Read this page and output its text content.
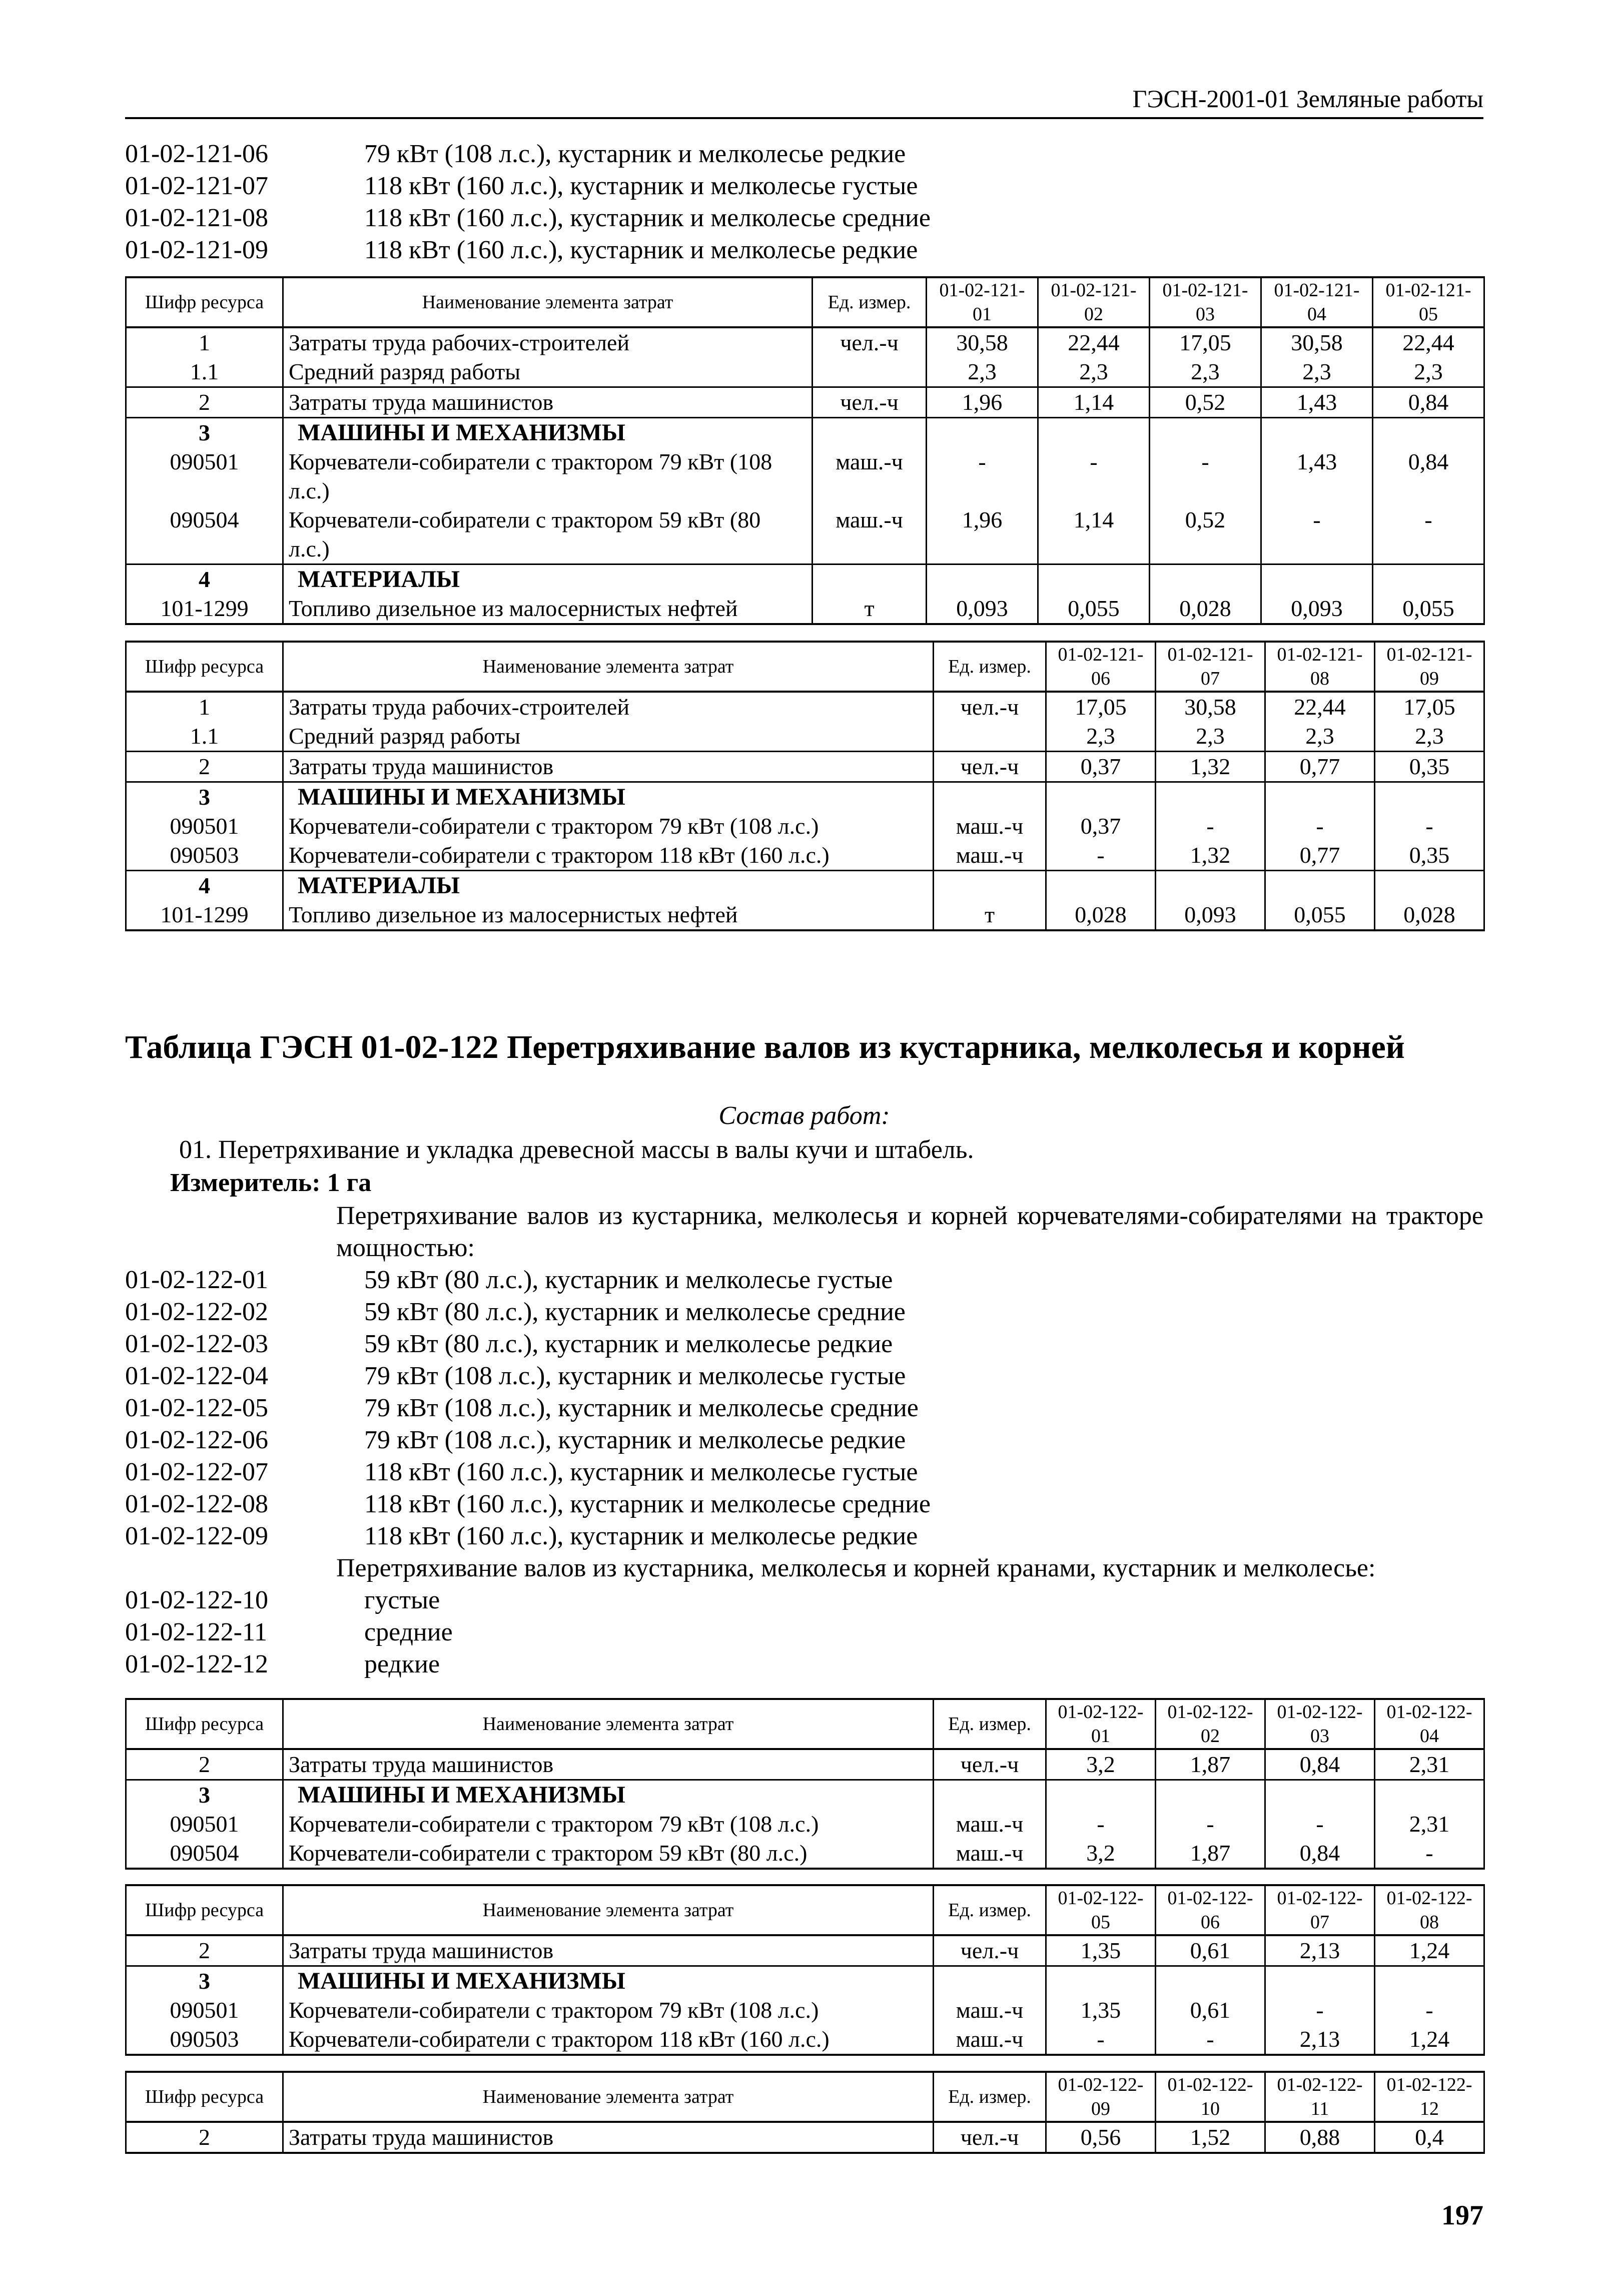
ГЭСН-2001-01 Земляные работы
01-02-121-06	79 кВт (108 л.с.), кустарник и мелколесье редкие
01-02-121-07	118 кВт (160 л.с.), кустарник и мелколесье густые
01-02-121-08	118 кВт (160 л.с.), кустарник и мелколесье средние
01-02-121-09	118 кВт (160 л.с.), кустарник и мелколесье редкие
Шифр ресурса	Наименование элемента затрат	Ед. измер.	01-02-121-01	01-02-121-02	01-02-121-03	01-02-121-04	01-02-121-05
1	Затраты труда рабочих-строителей	чел.-ч	30,58	22,44	17,05	30,58	22,44
1.1	Средний разряд работы		2,3	2,3	2,3	2,3	2,3
2	Затраты труда машинистов	чел.-ч	1,96	1,14	0,52	1,43	0,84
3	МАШИНЫ И МЕХАНИЗМЫ						
090501	Корчеватели-собиратели с трактором 79 кВт (108 л.с.)	маш.-ч	-	-	-	1,43	0,84
090504	Корчеватели-собиратели с трактором 59 кВт (80 л.с.)	маш.-ч	1,96	1,14	0,52	-	-
4	МАТЕРИАЛЫ						
101-1299	Топливо дизельное из малосернистых нефтей	т	0,093	0,055	0,028	0,093	0,055
Шифр ресурса	Наименование элемента затрат	Ед. измер.	01-02-121-06	01-02-121-07	01-02-121-08	01-02-121-09
1	Затраты труда рабочих-строителей	чел.-ч	17,05	30,58	22,44	17,05
1.1	Средний разряд работы		2,3	2,3	2,3	2,3
2	Затраты труда машинистов	чел.-ч	0,37	1,32	0,77	0,35
3	МАШИНЫ И МЕХАНИЗМЫ					
090501	Корчеватели-собиратели с трактором 79 кВт (108 л.с.)	маш.-ч	0,37	-	-	-
090503	Корчеватели-собиратели с трактором 118 кВт (160 л.с.)	маш.-ч	-	1,32	0,77	0,35
4	МАТЕРИАЛЫ					
101-1299	Топливо дизельное из малосернистых нефтей	т	0,028	0,093	0,055	0,028
Таблица ГЭСН 01-02-122 Перетряхивание валов из кустарника, мелколесья и корней
Состав работ:
01. Перетряхивание и укладка древесной массы в валы кучи и штабель.
Измеритель: 1 га
Перетряхивание валов из кустарника, мелколесья и корней корчевателями-собирателями на тракторе мощностью:
01-02-122-01	59 кВт (80 л.с.), кустарник и мелколесье густые
01-02-122-02	59 кВт (80 л.с.), кустарник и мелколесье средние
01-02-122-03	59 кВт (80 л.с.), кустарник и мелколесье редкие
01-02-122-04	79 кВт (108 л.с.), кустарник и мелколесье густые
01-02-122-05	79 кВт (108 л.с.), кустарник и мелколесье средние
01-02-122-06	79 кВт (108 л.с.), кустарник и мелколесье редкие
01-02-122-07	118 кВт (160 л.с.), кустарник и мелколесье густые
01-02-122-08	118 кВт (160 л.с.), кустарник и мелколесье средние
01-02-122-09	118 кВт (160 л.с.), кустарник и мелколесье редкие
Перетряхивание валов из кустарника, мелколесья и корней кранами, кустарник и мелколесье:
01-02-122-10	густые
01-02-122-11	средние
01-02-122-12	редкие
Шифр ресурса	Наименование элемента затрат	Ед. измер.	01-02-122-01	01-02-122-02	01-02-122-03	01-02-122-04
2	Затраты труда машинистов	чел.-ч	3,2	1,87	0,84	2,31
3	МАШИНЫ И МЕХАНИЗМЫ					
090501	Корчеватели-собиратели с трактором 79 кВт (108 л.с.)	маш.-ч	-	-	-	2,31
090504	Корчеватели-собиратели с трактором 59 кВт (80 л.с.)	маш.-ч	3,2	1,87	0,84	-
Шифр ресурса	Наименование элемента затрат	Ед. измер.	01-02-122-05	01-02-122-06	01-02-122-07	01-02-122-08
2	Затраты труда машинистов	чел.-ч	1,35	0,61	2,13	1,24
3	МАШИНЫ И МЕХАНИЗМЫ					
090501	Корчеватели-собиратели с трактором 79 кВт (108 л.с.)	маш.-ч	1,35	0,61	-	-
090503	Корчеватели-собиратели с трактором 118 кВт (160 л.с.)	маш.-ч	-	-	2,13	1,24
Шифр ресурса	Наименование элемента затрат	Ед. измер.	01-02-122-09	01-02-122-10	01-02-122-11	01-02-122-12
2	Затраты труда машинистов	чел.-ч	0,56	1,52	0,88	0,4
197
